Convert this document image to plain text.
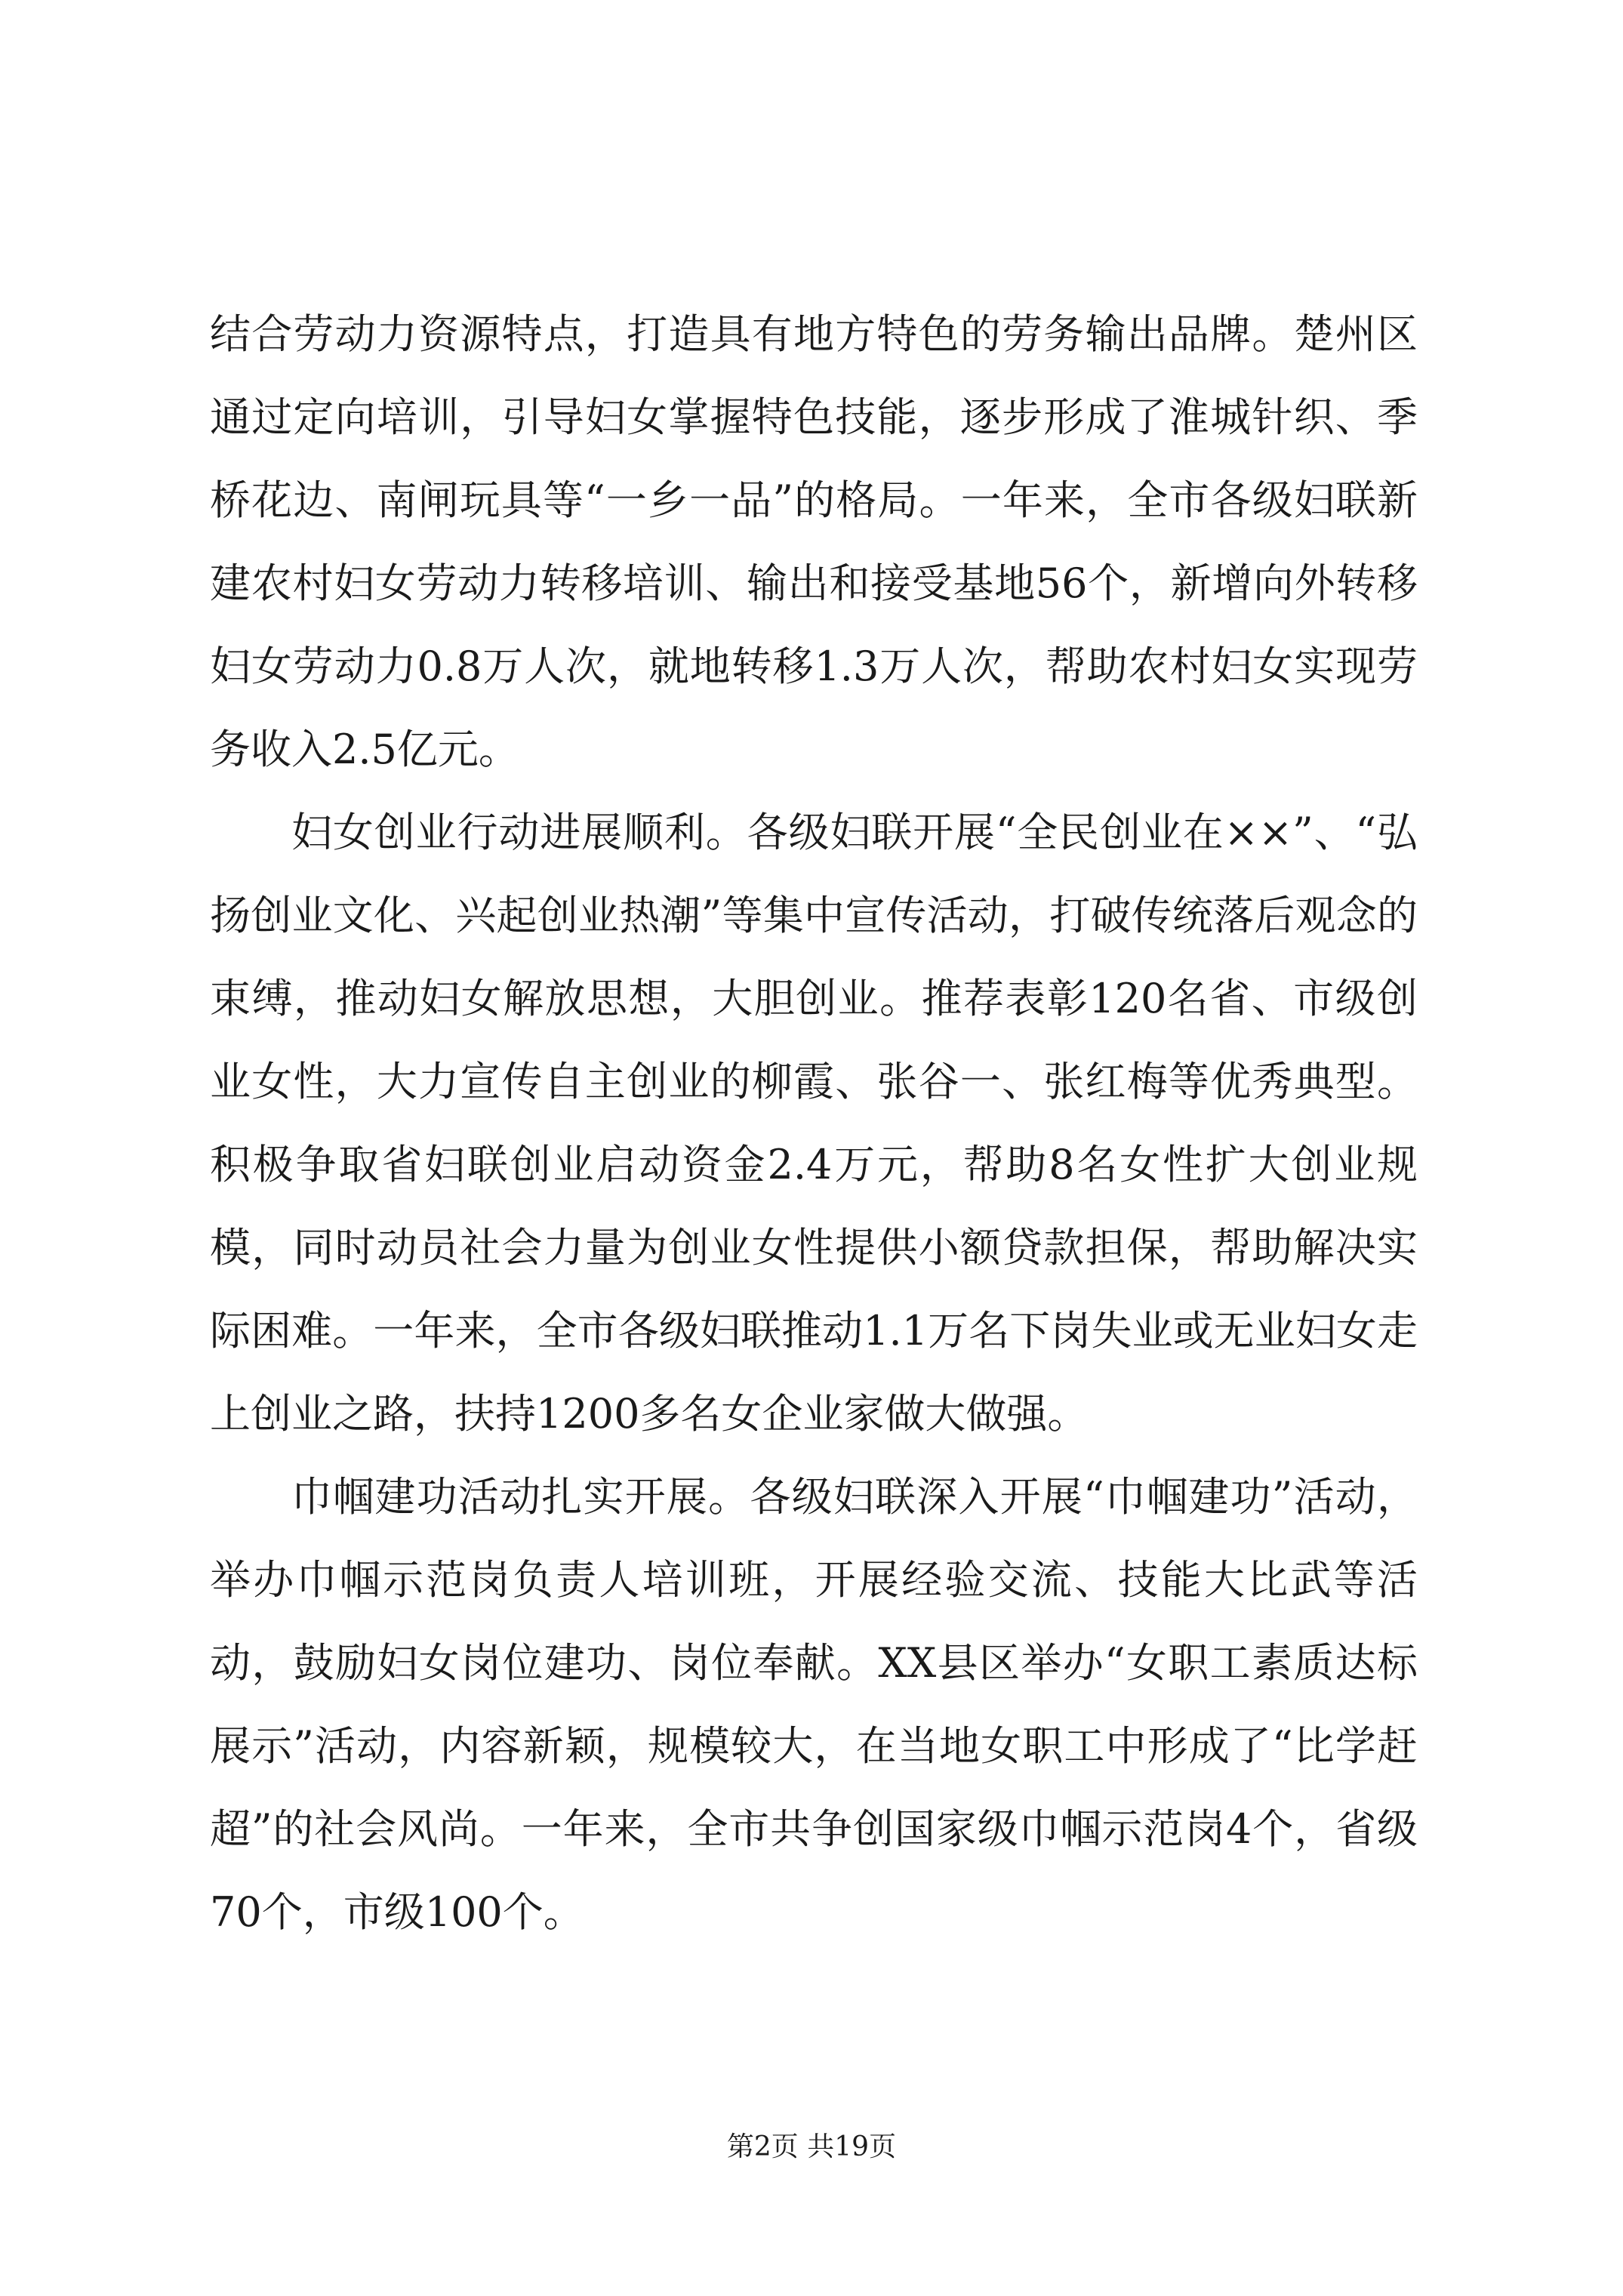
结合劳动力资源特点，打造具有地方特色的劳务输出品牌。楚州区通过定向培训，引导妇女掌握特色技能，逐步形成了淮城针织、季桥花边、南闸玩具等“一乡一品”的格局。一年来，全市各级妇联新建农村妇女劳动力转移培训、输出和接受基地56个，新增向外转移妇女劳动力0.8万人次，就地转移1.3万人次，帮助农村妇女实现劳务收入2.5亿元。

妇女创业行动进展顺利。各级妇联开展“全民创业在××”、“弘扬创业文化、兴起创业热潮”等集中宣传活动，打破传统落后观念的束缚，推动妇女解放思想，大胆创业。推荐表彰120名省、市级创业女性，大力宣传自主创业的柳霞、张谷一、张红梅等优秀典型。积极争取省妇联创业启动资金2.4万元，帮助8名女性扩大创业规模，同时动员社会力量为创业女性提供小额贷款担保，帮助解决实际困难。一年来，全市各级妇联推动1.1万名下岗失业或无业妇女走上创业之路，扶持1200多名女企业家做大做强。

巾帼建功活动扎实开展。各级妇联深入开展“巾帼建功”活动，举办巾帼示范岗负责人培训班，开展经验交流、技能大比武等活动，鼓励妇女岗位建功、岗位奉献。XX县区举办“女职工素质达标展示”活动，内容新颖，规模较大，在当地女职工中形成了“比学赶超”的社会风尚。一年来，全市共争创国家级巾帼示范岗4个，省级70个，市级100个。

第2页 共19页
